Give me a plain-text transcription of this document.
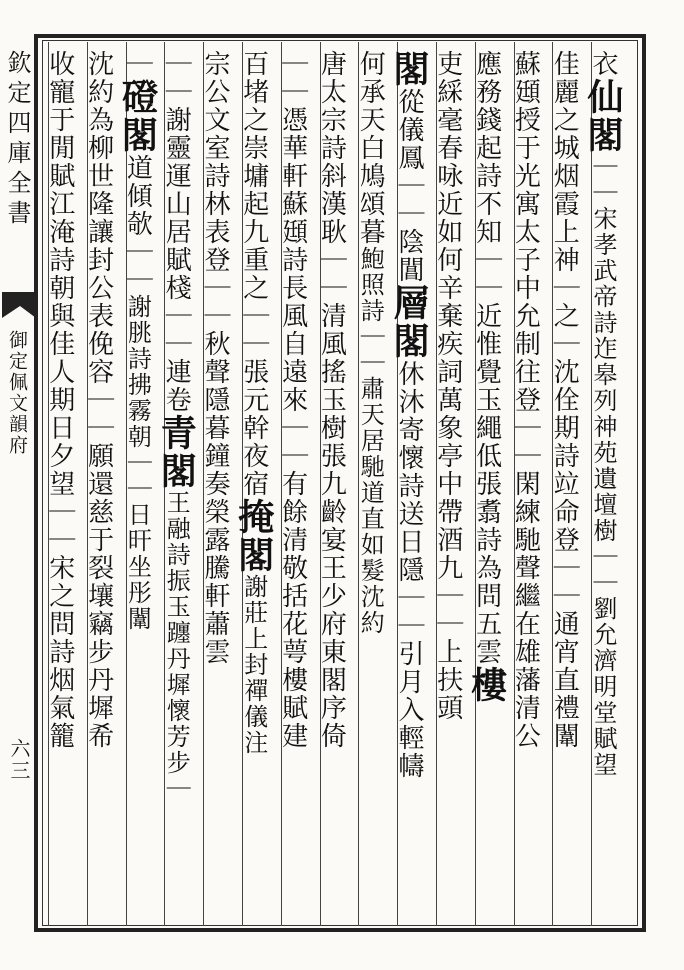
欽定四庫全書
御定佩文韻府
六三
衣仙閣｜｜宋孝武帝詩迮皋列神苑遺壇樹｜｜劉允濟明堂賦望
佳麗之城烟霞上神｜之｜沈佺期詩竝命登｜｜通宵直禮闈
蘇頲授于光寓太子中允制往登｜｜閑練馳聲繼在雄藩清公
應務錢起詩不知｜｜近惟覺玉繩低張翥詩為問五雲樓
吏綵毫春咏近如何辛棄疾詞萬象亭中帶酒九｜｜上扶頭
閣從儀鳳｜｜陰閶層閣休沐寄懷詩送日隱｜｜引月入輕幬
何承天白鳩頌暮鮑照詩｜｜肅天居馳道直如髮沈約
唐太宗詩斜漢耿｜｜清風搖玉樹張九齡宴王少府東閣序倚
｜｜憑華軒蘇頲詩長風自遠來｜｜有餘清敬括花萼樓賦建
百堵之崇墉起九重之｜｜張元幹夜宿掩閣謝莊上封禪儀注
宗公文室詩林表登｜｜秋聲隱暮鐘奏榮露騰軒蕭雲
｜｜謝靈運山居賦棧｜｜連卷青閣王融詩振玉躔丹墀懷芳步｜
｜磴閣道傾欹｜｜謝朓詩拂霧朝｜｜日旰坐彤闈
沈約為柳世隆讓封公表俛容｜｜願還慈于裂壤竊步丹墀希
收寵于閒賦江淹詩朝與佳人期日夕望｜｜宋之問詩烟氣籠
